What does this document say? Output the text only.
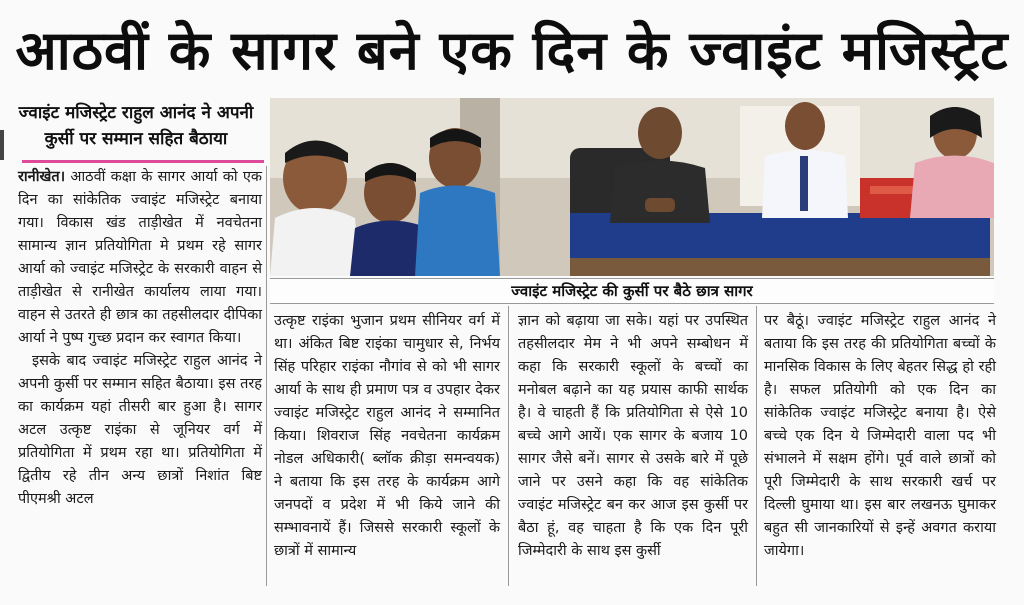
आठवीं के सागर बने एक दिन के ज्वाइंट मजिस्ट्रेट
ज्वाइंट मजिस्ट्रेट राहुल आनंद ने अपनी कुर्सी पर सम्मान सहित बैठाया
ज्वाइंट मजिस्ट्रेट की कुर्सी पर बैठे छात्र सागर

रानीखेत। आठवीं कक्षा के सागर आर्या को एक दिन का सांकेतिक ज्वाइंट मजिस्ट्रेट बनाया गया। विकास खंड ताड़ीखेत में नवचेतना सामान्य ज्ञान प्रतियोगिता मे प्रथम रहे सागर आर्या को ज्वाइंट मजिस्ट्रेट के सरकारी वाहन से ताड़ीखेत से रानीखेत कार्यालय लाया गया। वाहन से उतरते ही छात्र का तहसीलदार दीपिका आर्या ने पुष्प गुच्छ प्रदान कर स्वागत किया।

इसके बाद ज्वाइंट मजिस्ट्रेट राहुल आनंद ने अपनी कुर्सी पर सम्मान सहित बैठाया। इस तरह का कार्यक्रम यहां तीसरी बार हुआ है। सागर अटल उत्कृष्ट राइंका से जूनियर वर्ग में प्रतियोगिता में प्रथम रहा था। प्रतियोगिता में द्वितीय रहे तीन अन्य छात्रों निशांत बिष्ट पीएमश्री अटल

उत्कृष्ट राइंका भुजान प्रथम सीनियर वर्ग में था। अंकित बिष्ट राइंका चामुधार से, निर्भय सिंह परिहार राइंका नौगांव से को भी सागर आर्या के साथ ही प्रमाण पत्र व उपहार देकर ज्वाइंट मजिस्ट्रेट राहुल आनंद ने सम्मानित किया। शिवराज सिंह नवचेतना कार्यक्रम नोडल अधिकारी( ब्लॉक क्रीड़ा समन्वयक) ने बताया कि इस तरह के कार्यक्रम आगे जनपदों व प्रदेश में भी किये जाने की सम्भावनायें हैं। जिससे सरकारी स्कूलों के छात्रों में सामान्य

ज्ञान को बढ़ाया जा सके। यहां पर उपस्थित तहसीलदार मेम ने भी अपने सम्बोधन में कहा कि सरकारी स्कूलों के बच्चों का मनोबल बढ़ाने का यह प्रयास काफी सार्थक है। वे चाहती हैं कि प्रतियोगिता से ऐसे 10 बच्चे आगे आयें। एक सागर के बजाय 10 सागर जैसे बनें। सागर से उसके बारे में पूछे जाने पर उसने कहा कि वह सांकेतिक ज्वाइंट मजिस्ट्रेट बन कर आज इस कुर्सी पर बैठा हूं, वह चाहता है कि एक दिन पूरी जिम्मेदारी के साथ इस कुर्सी

पर बैठूं। ज्वाइंट मजिस्ट्रेट राहुल आनंद ने बताया कि इस तरह की प्रतियोगिता बच्चों के मानसिक विकास के लिए बेहतर सिद्ध हो रही है। सफल प्रतियोगी को एक दिन का सांकेतिक ज्वाइंट मजिस्ट्रेट बनाया है। ऐसे बच्चे एक दिन ये जिम्मेदारी वाला पद भी संभालने में सक्षम होंगे। पूर्व वाले छात्रों को पूरी जिम्मेदारी के साथ सरकारी खर्च पर दिल्ली घुमाया था। इस बार लखनऊ घुमाकर बहुत सी जानकारियों से इन्हें अवगत कराया जायेगा।
